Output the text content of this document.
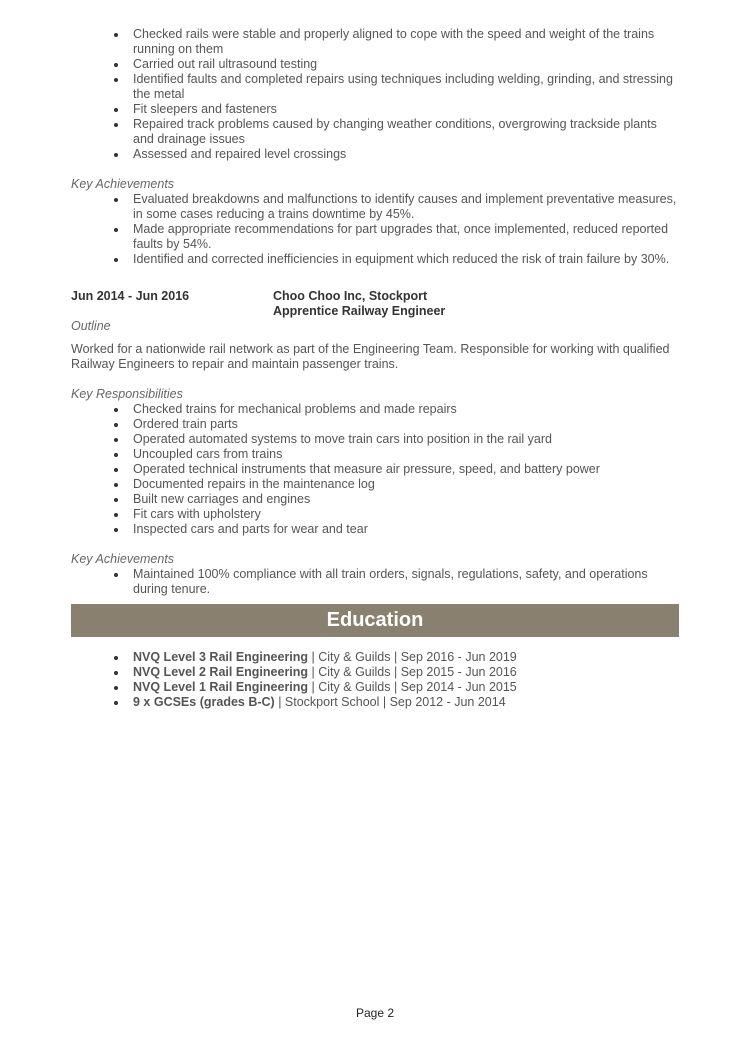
Checked rails were stable and properly aligned to cope with the speed and weight of the trains running on them
Carried out rail ultrasound testing
Identified faults and completed repairs using techniques including welding, grinding, and stressing the metal
Fit sleepers and fasteners
Repaired track problems caused by changing weather conditions, overgrowing trackside plants and drainage issues
Assessed and repaired level crossings
Key Achievements
Evaluated breakdowns and malfunctions to identify causes and implement preventative measures, in some cases reducing a trains downtime by 45%.
Made appropriate recommendations for part upgrades that, once implemented, reduced reported faults by 54%.
Identified and corrected inefficiencies in equipment which reduced the risk of train failure by 30%.
Jun 2014 - Jun 2016	Choo Choo Inc, Stockport
Apprentice Railway Engineer
Outline
Worked for a nationwide rail network as part of the Engineering Team. Responsible for working with qualified Railway Engineers to repair and maintain passenger trains.
Key Responsibilities
Checked trains for mechanical problems and made repairs
Ordered train parts
Operated automated systems to move train cars into position in the rail yard
Uncoupled cars from trains
Operated technical instruments that measure air pressure, speed, and battery power
Documented repairs in the maintenance log
Built new carriages and engines
Fit cars with upholstery
Inspected cars and parts for wear and tear
Key Achievements
Maintained 100% compliance with all train orders, signals, regulations, safety, and operations during tenure.
Education
NVQ Level 3 Rail Engineering | City & Guilds | Sep 2016 - Jun 2019
NVQ Level 2 Rail Engineering | City & Guilds | Sep 2015 - Jun 2016
NVQ Level 1 Rail Engineering | City & Guilds | Sep 2014 - Jun 2015
9 x GCSEs (grades B-C) | Stockport School | Sep 2012 - Jun 2014
Page 2
